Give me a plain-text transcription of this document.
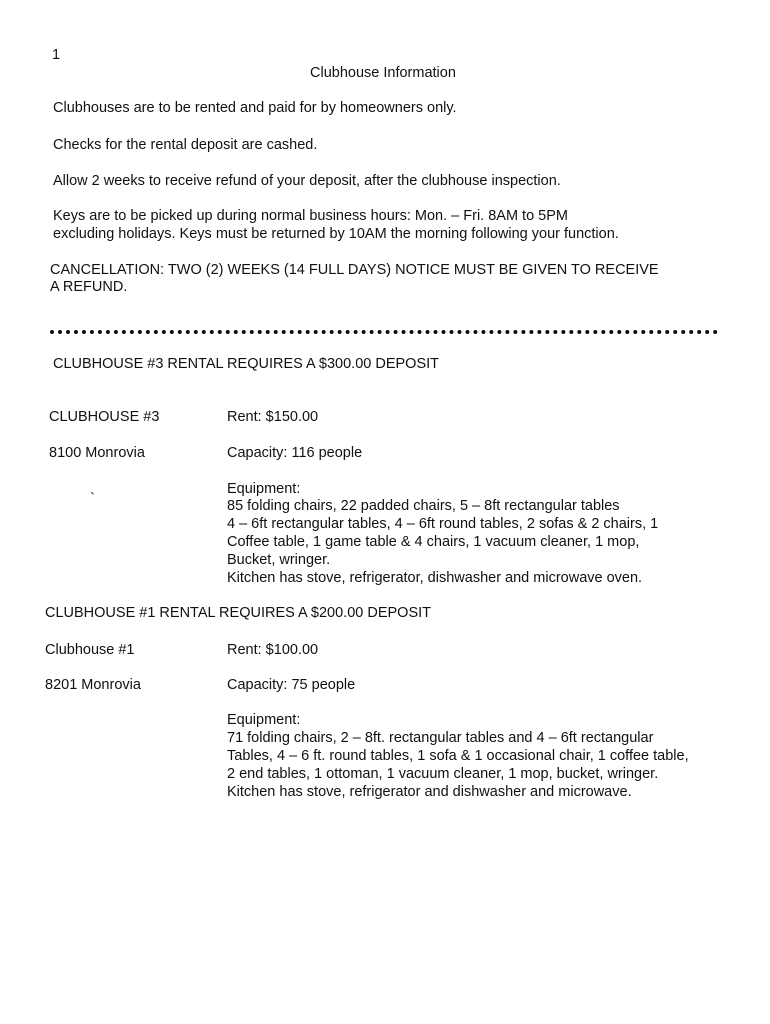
1

Clubhouse Information

Clubhouses are to be rented and paid for by homeowners only.

Checks for the rental deposit are cashed.

Allow 2 weeks to receive refund of your deposit, after the clubhouse inspection.

Keys are to be picked up during normal business hours: Mon. – Fri. 8AM to 5PM

excluding holidays. Keys must be returned by 10AM the morning following your function.

CANCELLATION: TWO (2) WEEKS (14 FULL DAYS) NOTICE MUST BE GIVEN TO RECEIVE

A REFUND.

CLUBHOUSE #3 RENTAL REQUIRES A $300.00 DEPOSIT

CLUBHOUSE #3	Rent: $150.00

8100 Monrovia	Capacity: 116 people

`

Equipment:

85 folding chairs, 22 padded chairs, 5 – 8ft rectangular tables

4 – 6ft rectangular tables, 4 – 6ft round tables, 2 sofas & 2 chairs, 1

Coffee table, 1 game table & 4 chairs, 1 vacuum cleaner, 1 mop,

Bucket, wringer.

Kitchen has stove, refrigerator, dishwasher and microwave oven.

CLUBHOUSE #1 RENTAL REQUIRES A $200.00 DEPOSIT

Clubhouse #1	Rent: $100.00

8201 Monrovia	Capacity: 75 people

Equipment:

71 folding chairs, 2 – 8ft. rectangular tables and 4 – 6ft rectangular

Tables, 4 – 6 ft. round tables, 1 sofa & 1 occasional chair, 1 coffee table,

2 end tables, 1 ottoman, 1 vacuum cleaner, 1 mop, bucket, wringer.

Kitchen has stove, refrigerator and dishwasher and microwave.
